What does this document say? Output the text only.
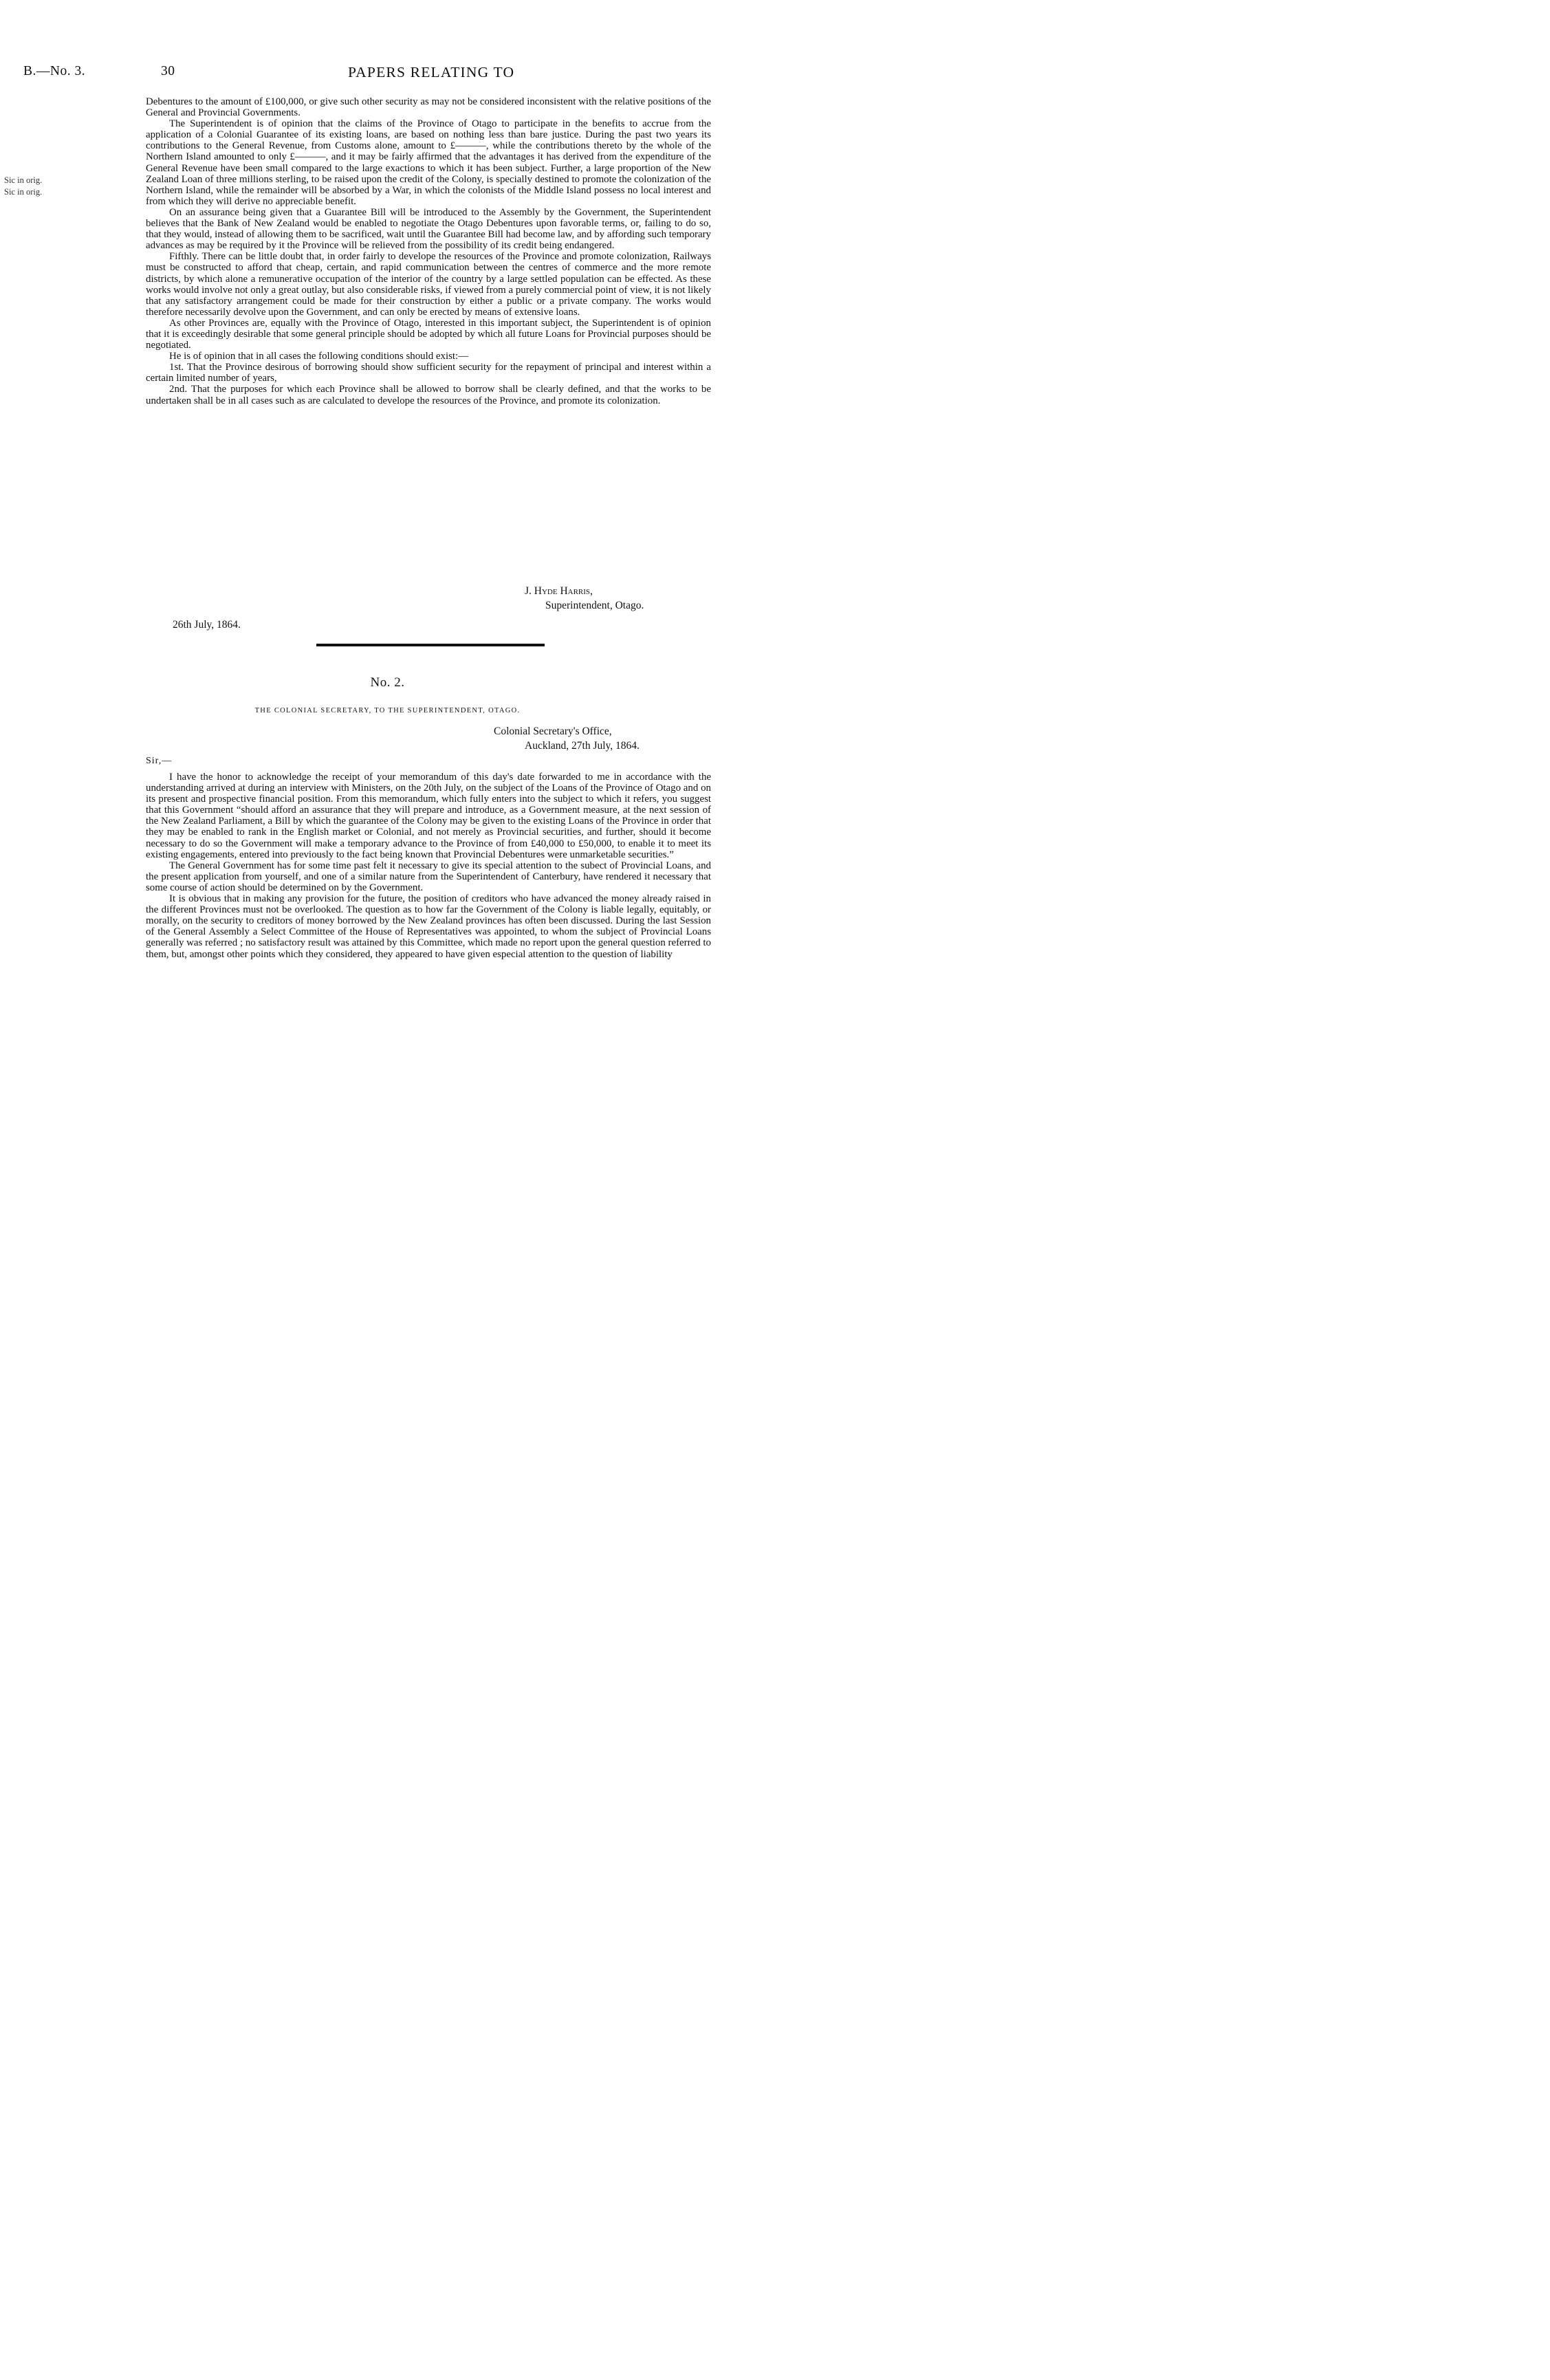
B.—No. 3.	30	PAPERS RELATING TO
Sic in orig.
Sic in orig.

Debentures to the amount of £100,000, or give such other security as may not be considered inconsistent with the relative positions of the General and Provincial Governments.

The Superintendent is of opinion that the claims of the Province of Otago to participate in the benefits to accrue from the application of a Colonial Guarantee of its existing loans, are based on nothing less than bare justice. During the past two years its contributions to the General Revenue, from Customs alone, amount to £———, while the contributions thereto by the whole of the Northern Island amounted to only £———, and it may be fairly affirmed that the advantages it has derived from the expenditure of the General Revenue have been small compared to the large exactions to which it has been subject. Further, a large proportion of the New Zealand Loan of three millions sterling, to be raised upon the credit of the Colony, is specially destined to promote the colonization of the Northern Island, while the remainder will be absorbed by a War, in which the colonists of the Middle Island possess no local interest and from which they will derive no appreciable benefit.

On an assurance being given that a Guarantee Bill will be introduced to the Assembly by the Government, the Superintendent believes that the Bank of New Zealand would be enabled to negotiate the Otago Debentures upon favorable terms, or, failing to do so, that they would, instead of allowing them to be sacrificed, wait until the Guarantee Bill had become law, and by affording such temporary advances as may be required by it the Province will be relieved from the possibility of its credit being endangered.

Fifthly. There can be little doubt that, in order fairly to develope the resources of the Province and promote colonization, Railways must be constructed to afford that cheap, certain, and rapid communication between the centres of commerce and the more remote districts, by which alone a remunerative occupation of the interior of the country by a large settled population can be effected. As these works would involve not only a great outlay, but also considerable risks, if viewed from a purely commercial point of view, it is not likely that any satisfactory arrangement could be made for their construction by either a public or a private company. The works would therefore necessarily devolve upon the Government, and can only be erected by means of extensive loans.

As other Provinces are, equally with the Province of Otago, interested in this important subject, the Superintendent is of opinion that it is exceedingly desirable that some general principle should be adopted by which all future Loans for Provincial purposes should be negotiated.

He is of opinion that in all cases the following conditions should exist:—

1st. That the Province desirous of borrowing should show sufficient security for the repayment of principal and interest within a certain limited number of years,

2nd. That the purposes for which each Province shall be allowed to borrow shall be clearly defined, and that the works to be undertaken shall be in all cases such as are calculated to develope the resources of the Province, and promote its colonization.

J. Hyde Harris,
Superintendent, Otago.
26th July, 1864.
No. 2.
THE COLONIAL SECRETARY, TO THE SUPERINTENDENT, OTAGO.
Colonial Secretary's Office,
Auckland, 27th July, 1864.
Sir,—

I have the honor to acknowledge the receipt of your memorandum of this day's date forwarded to me in accordance with the understanding arrived at during an interview with Ministers, on the 20th July, on the subject of the Loans of the Province of Otago and on its present and prospective financial position. From this memorandum, which fully enters into the subject to which it refers, you suggest that this Government “should afford an assurance that they will prepare and introduce, as a Government measure, at the next session of the New Zealand Parliament, a Bill by which the guarantee of the Colony may be given to the existing Loans of the Province in order that they may be enabled to rank in the English market or Colonial, and not merely as Provincial securities, and further, should it become necessary to do so the Government will make a temporary advance to the Province of from £40,000 to £50,000, to enable it to meet its existing engagements, entered into previously to the fact being known that Provincial Debentures were unmarketable securities.”

The General Government has for some time past felt it necessary to give its special attention to the subect of Provincial Loans, and the present application from yourself, and one of a similar nature from the Superintendent of Canterbury, have rendered it necessary that some course of action should be determined on by the Government.

It is obvious that in making any provision for the future, the position of creditors who have advanced the money already raised in the different Provinces must not be overlooked. The question as to how far the Government of the Colony is liable legally, equitably, or morally, on the security to creditors of money borrowed by the New Zealand provinces has often been discussed. During the last Session of the General Assembly a Select Committee of the House of Representatives was appointed, to whom the subject of Provincial Loans generally was referred ; no satisfactory result was attained by this Committee, which made no report upon the general question referred to them, but, amongst other points which they considered, they appeared to have given especial attention to the question of liability
